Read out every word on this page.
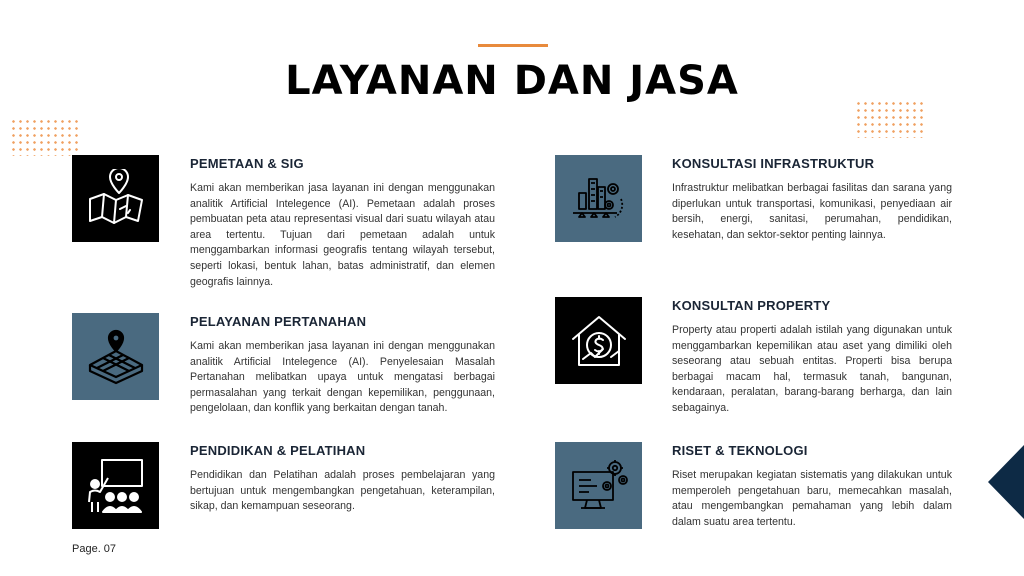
LAYANAN DAN JASA
PEMETAAN & SIG

Kami akan memberikan jasa layanan ini dengan menggunakan analitik Artificial Intelegence (AI). Pemetaan adalah proses pembuatan peta atau representasi visual dari suatu wilayah atau area tertentu. Tujuan dari pemetaan adalah untuk menggambarkan informasi geografis tentang wilayah tersebut, seperti lokasi, bentuk lahan, batas administratif, dan elemen geografis lainnya.

PELAYANAN PERTANAHAN

Kami akan memberikan jasa layanan ini dengan menggunakan analitik Artificial Intelegence (AI). Penyelesaian Masalah Pertanahan melibatkan upaya untuk mengatasi berbagai permasalahan yang terkait dengan kepemilikan, penggunaan, pengelolaan, dan konflik yang berkaitan dengan tanah.

PENDIDIKAN & PELATIHAN

Pendidikan dan Pelatihan adalah proses pembelajaran yang bertujuan untuk mengembangkan pengetahuan, keterampilan, sikap, dan kemampuan seseorang.

KONSULTASI INFRASTRUKTUR

Infrastruktur melibatkan berbagai fasilitas dan sarana yang diperlukan untuk transportasi, komunikasi, penyediaan air bersih, energi, sanitasi, perumahan, pendidikan, kesehatan, dan sektor-sektor penting lainnya.

KONSULTAN PROPERTY

Property atau properti adalah istilah yang digunakan untuk menggambarkan kepemilikan atau aset yang dimiliki oleh seseorang atau sebuah entitas. Properti bisa berupa berbagai macam hal, termasuk tanah, bangunan, kendaraan, peralatan, barang-barang berharga, dan lain sebagainya.

RISET & TEKNOLOGI

Riset merupakan kegiatan sistematis yang dilakukan untuk memperoleh pengetahuan baru, memecahkan masalah, atau mengembangkan pemahaman yang lebih dalam dalam suatu area tertentu.

Page. 07
